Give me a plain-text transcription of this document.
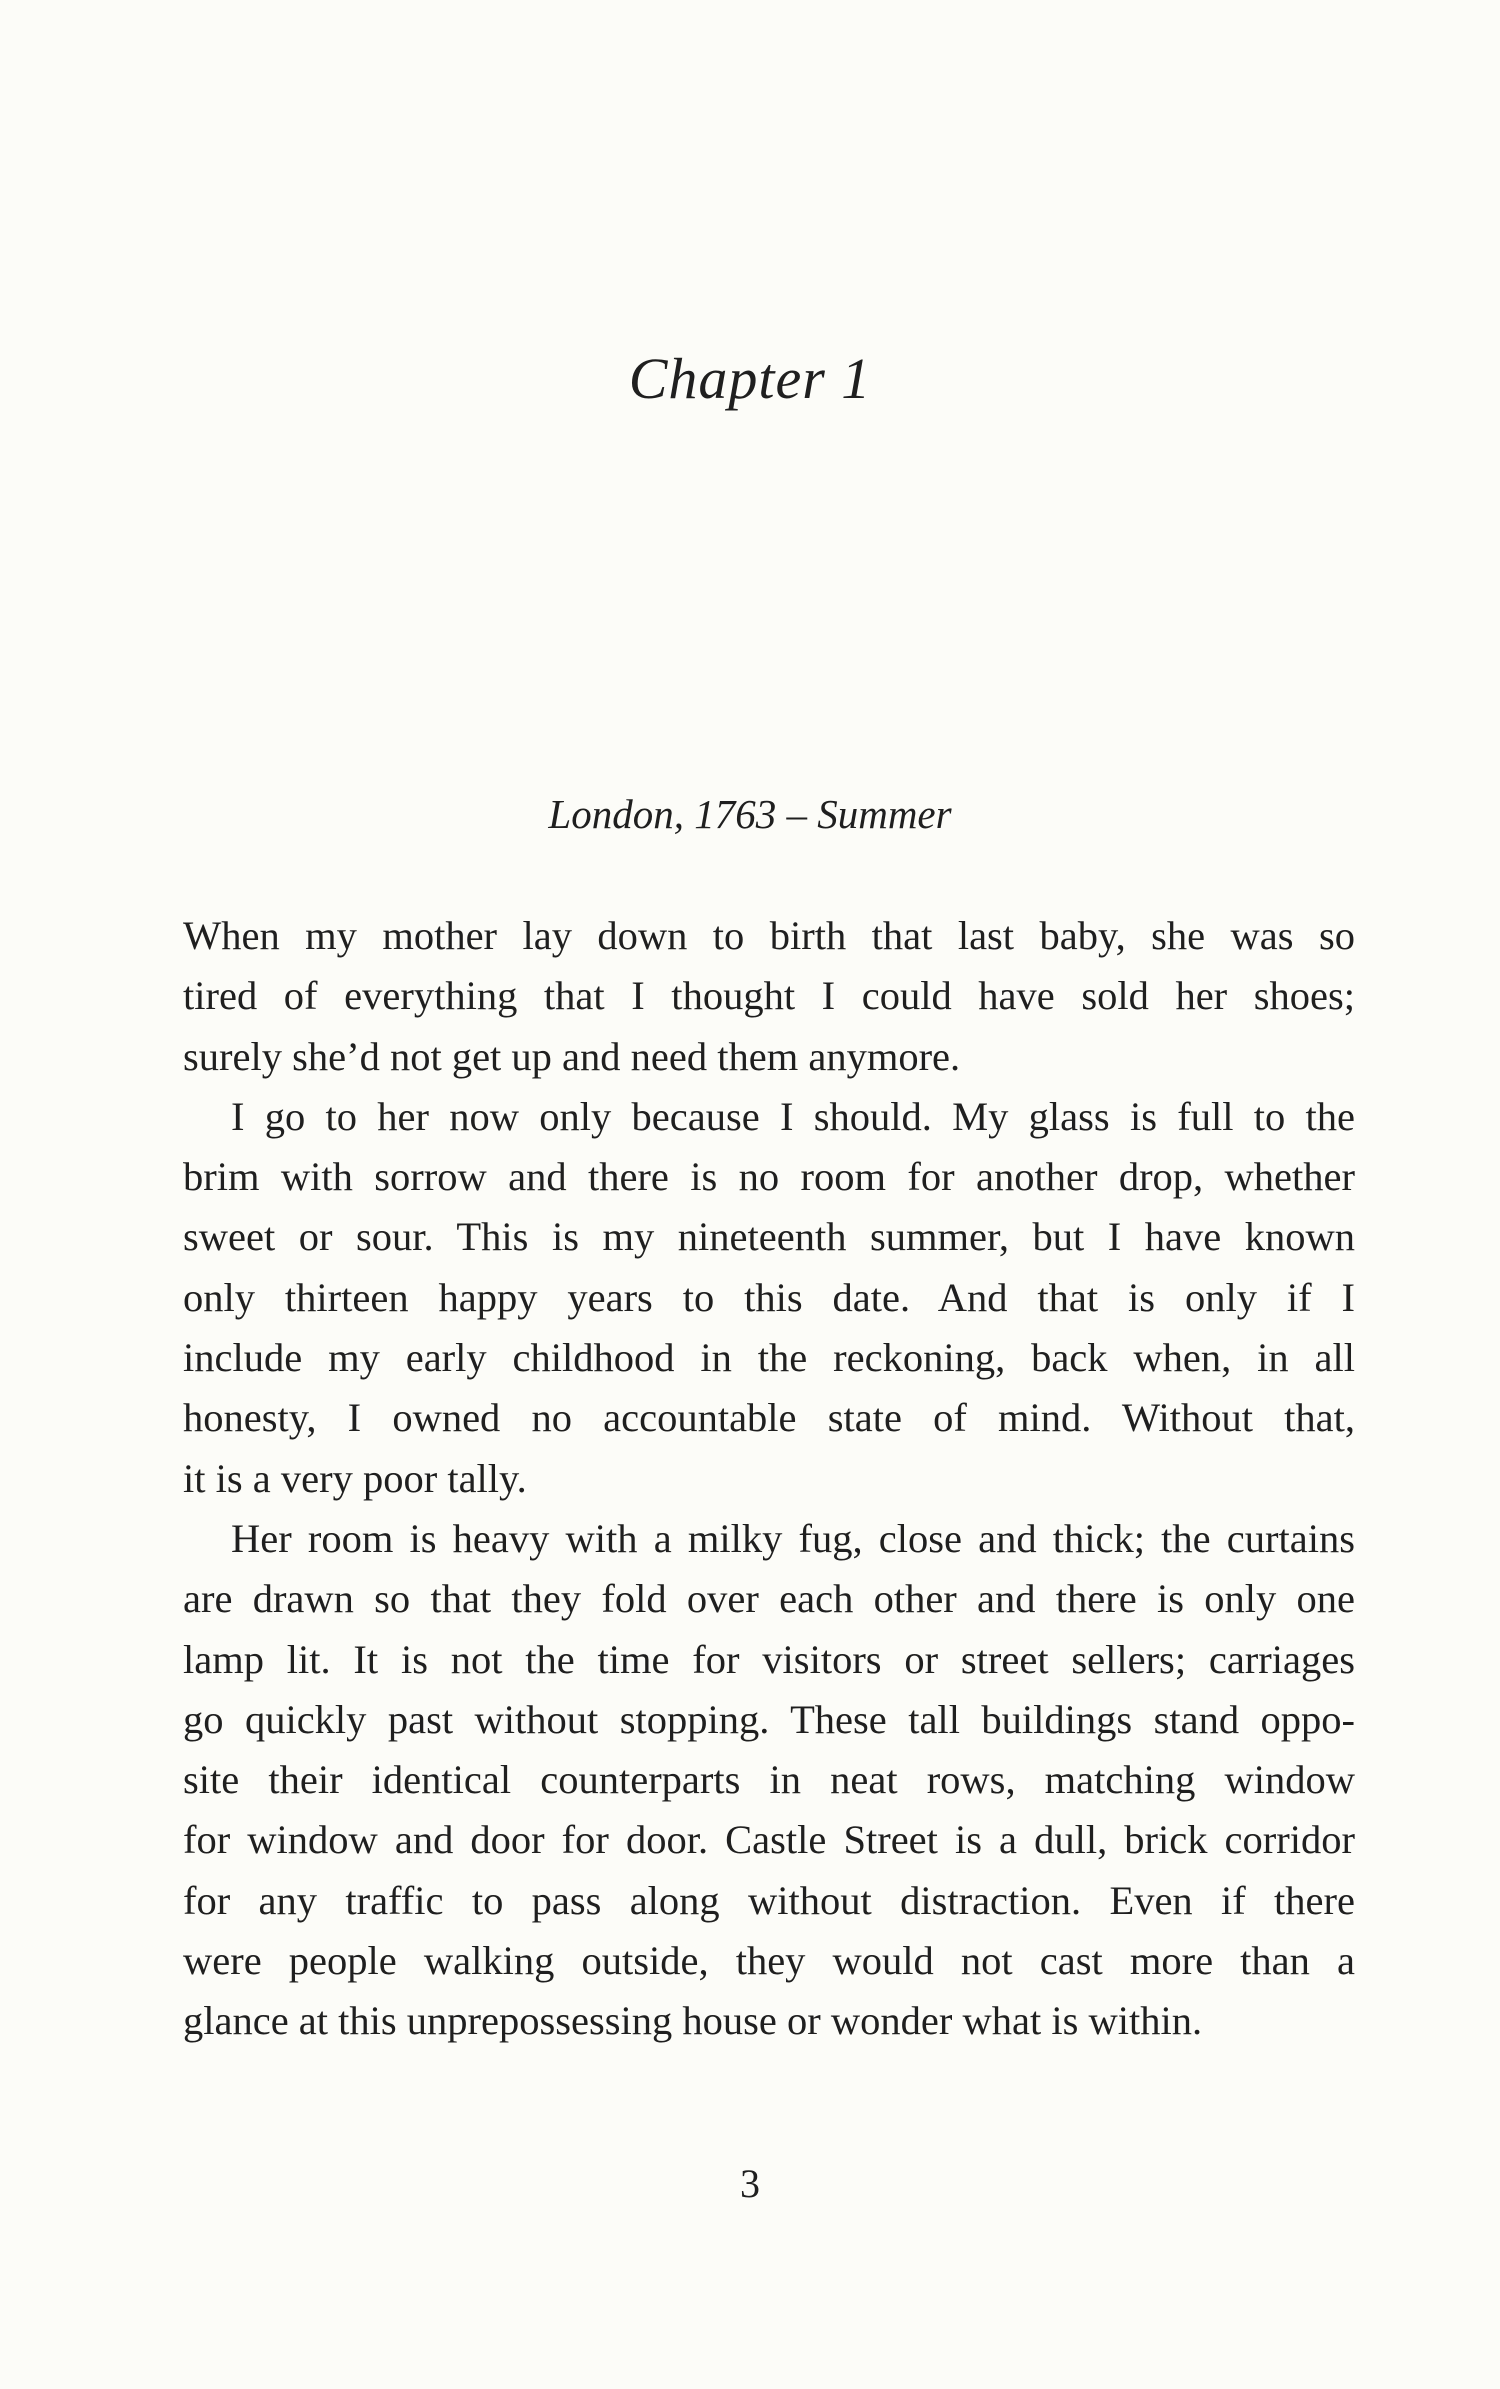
Chapter 1
London, 1763 – Summer
When my mother lay down to birth that last baby, she was so
tired of everything that I thought I could have sold her shoes;
surely she’d not get up and need them anymore.
I go to her now only because I should. My glass is full to the
brim with sorrow and there is no room for another drop, whether
sweet or sour. This is my nineteenth summer, but I have known
only thirteen happy years to this date. And that is only if I
include my early childhood in the reckoning, back when, in all
honesty, I owned no accountable state of mind. Without that,
it is a very poor tally.
Her room is heavy with a milky fug, close and thick; the curtains
are drawn so that they fold over each other and there is only one
lamp lit. It is not the time for visitors or street sellers; carriages
go quickly past without stopping. These tall buildings stand oppo-
site their identical counterparts in neat rows, matching window
for window and door for door. Castle Street is a dull, brick corridor
for any traffic to pass along without distraction. Even if there
were people walking outside, they would not cast more than a
glance at this unprepossessing house or wonder what is within.
3
